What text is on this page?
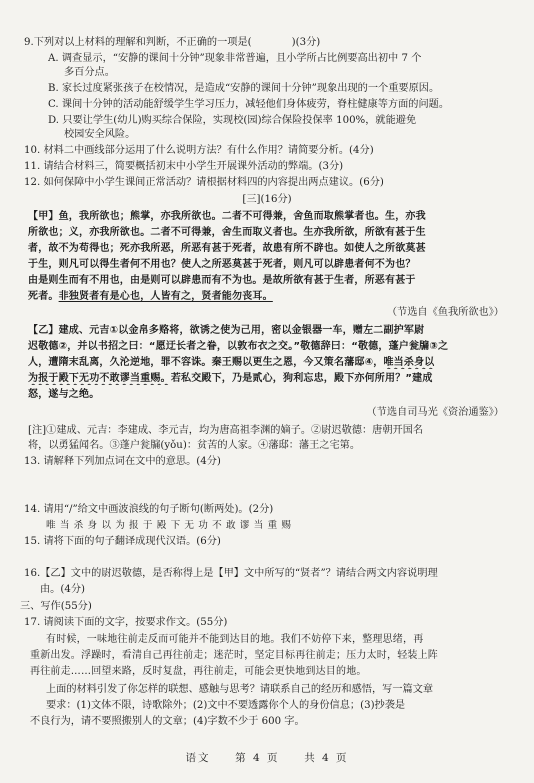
9.下列对以上材料的理解和判断，不正确的一项是(	)(3分)
A. 调查显示，“安静的课间十分钟”现象非常普遍，且小学所占比例要高出初中 7 个
多百分点。
B. 家长过度紧张孩子在校情况，是造成“安静的课间十分钟”现象出现的一个重要原因。
C. 课间十分钟的活动能舒缓学生学习压力，减轻他们身体疲劳，脊柱健康等方面的问题。
D. 只要让学生(幼儿)购买综合保险，实现校(园)综合保险投保率 100%，就能避免
校园安全风险。
10. 材料二中画线部分运用了什么说明方法？有什么作用？请简要分析。(4分)
11. 请结合材料三，简要概括初末中小学生开展课外活动的弊端。(3分)
12. 如何保障中小学生课间正常活动？请根据材料四的内容提出两点建议。(6分)
[三](16分)
【甲】鱼，我所欲也；熊掌，亦我所欲也。二者不可得兼，舍鱼而取熊掌者也。生，亦我
所欲也；义，亦我所欲也。二者不可得兼，舍生而取义者也。生亦我所欲，所欲有甚于生
者，故不为苟得也；死亦我所恶，所恶有甚于死者，故患有所不辟也。如使人之所欲莫甚
于生，则凡可以得生者何不用也？使人之所恶莫甚于死者，则凡可以辟患者何不为也？
由是则生而有不用也，由是则可以辟患而有不为也。是故所欲有甚于生者，所恶有甚于
死者。非独贤者有是心也，人皆有之，贤者能勿丧耳。
（节选自《鱼我所欲也》）
【乙】建成、元吉①以金帛多赂将，欲诱之使为己用，密以金银器一车，赠左二副护军尉
迟敬德②，并以书招之曰：“愿迂长者之眷，以敦布衣之交。”敬德辞曰：“敬德，蓬户瓮牖③之
人，遭隋末乱离，久沦逆地，罪不容诛。秦王赐以更生之恩，今又策名藩邸④，唯当杀身以
为报于殿下无功不敢谬当重赐。若私交殿下，乃是贰心，狗利忘忠，殿下亦何所用？”建成
怒，遂与之绝。
（节选自司马光《资治通鉴》）
[注]①建成、元吉：李建成、李元吉，均为唐高祖李渊的嫡子。②尉迟敬德：唐朝开国名
将，以勇猛闻名。③蓬户瓮牖(yǒu)：贫苦的人家。④藩邸：藩王之宅第。
13. 请解释下列加点词在文中的意思。(4分)
14. 请用“/”给文中画波浪线的句子断句(断两处)。(2分)
唯 当 杀 身 以 为 报 于 殿 下 无 功 不 敢 谬 当 重 赐
15. 请将下面的句子翻译成现代汉语。(6分)
16.【乙】文中的尉迟敬德，是否称得上是【甲】文中所写的“贤者”？请结合两文内容说明理
由。(4分)
三、写作(55分)
17. 请阅读下面的文字，按要求作文。(55分)
有时候，一味地往前走反而可能并不能到达目的地。我们不妨停下来，整理思绪，再
重新出发。浮躁时，看清自己再往前走；迷茫时，坚定目标再往前走；压力太时，轻装上阵
再往前走……回望来路，反时复盘，再往前走，可能会更快地到达目的地。
上面的材料引发了你怎样的联想、感触与思考？请联系自己的经历和感悟，写一篇文章
要求：(1)文体不限，诗歌除外；(2)文中不要透露你个人的身份信息；(3)抄袭是
不良行为，请不要照搬别人的文章；(4)字数不少于 600 字。
语文 第 4 页 共 4 页
